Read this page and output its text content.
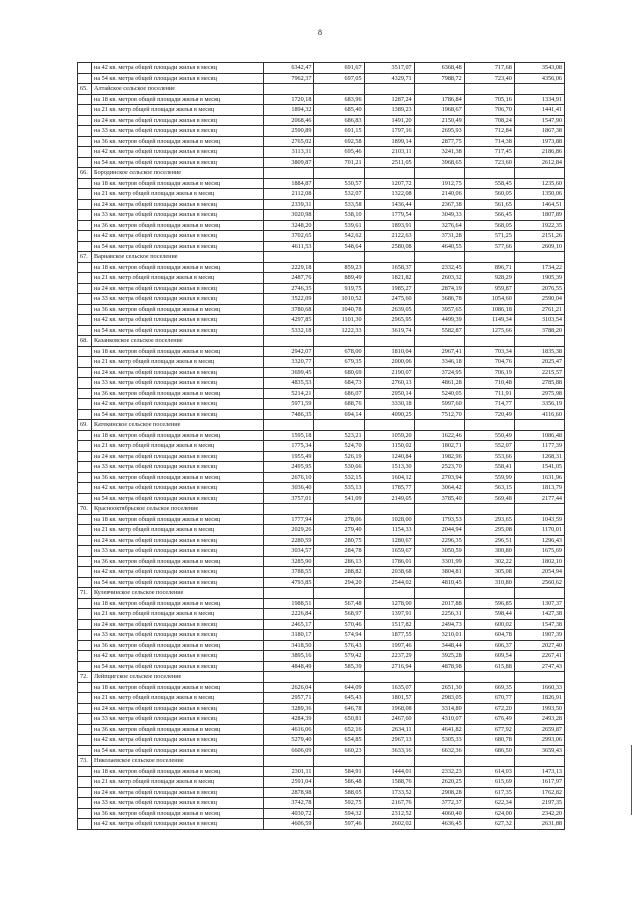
8
	на 42 кв. метра общей площади жилья в месяц	6342,47	691,67	3517,07	6368,48	717,68	3543,08
	на 54 кв. метра общей площади жилья в месяц	7962,37	697,05	4329,71	7988,72	723,40	4356,06
65.	Алтайское сельское поселение						
	на 18 кв. метров общей площади жилья в месяц	1720,18	683,96	1287,24	1786,84	705,16	1334,91
	на 21 кв. метр общей площади жилья в месяц	1894,32	685,40	1389,23	1968,67	706,70	1441,41
	на 24 кв. метра общей площади жилья в месяц	2068,46	686,83	1491,20	2150,49	708,24	1547,90
	на 33 кв. метра общей площади жилья в месяц	2590,89	691,15	1797,16	2695,93	712,84	1867,38
	на 36 кв. метров общей площади жилья в месяц	2765,02	692,58	1899,14	2877,75	714,38	1973,88
	на 42 кв. метра общей площади жилья в месяц	3113,31	695,46	2103,11	3241,38	717,45	2186,86
	на 54 кв. метра общей площади жилья в месяц	3809,87	701,21	2511,05	3968,65	723,60	2612,84
66.	Бородинское сельское поселение						
	на 18 кв. метров общей площади жилья в месяц	1884,87	530,57	1207,72	1912,75	558,45	1235,60
	на 21 кв. метр общей площади жилья в месяц	2112,08	532,07	1322,08	2140,06	560,05	1350,06
	на 24 кв. метра общей площади жилья в месяц	2339,31	533,58	1436,44	2367,38	561,65	1464,51
	на 33 кв. метра общей площади жилья в месяц	3020,98	538,10	1779,54	3049,33	566,45	1807,89
	на 36 кв. метров общей площади жилья в месяц	3248,20	539,61	1893,91	3276,64	568,05	1922,35
	на 42 кв. метра общей площади жилья в месяц	3702,65	542,62	2122,63	3731,28	571,25	2151,26
	на 54 кв. метра общей площади жилья в месяц	4611,53	548,64	2580,08	4640,55	577,66	2609,10
67.	Варнавское сельское поселение						
	на 18 кв. метров общей площади жилья в месяц	2229,18	859,23	1658,37	2332,45	896,71	1734,22
	на 21 кв. метр общей площади жилья в месяц	2487,76	889,49	1821,82	2603,32	928,29	1905,39
	на 24 кв. метра общей площади жилья в месяц	2746,35	919,75	1985,27	2874,19	959,87	2076,55
	на 33 кв. метра общей площади жилья в месяц	3522,09	1010,52	2475,60	3686,78	1054,60	2590,04
	на 36 кв. метров общей площади жилья в месяц	3780,68	1040,78	2639,05	3957,65	1086,18	2761,21
	на 42 кв. метра общей площади жилья в месяц	4297,85	1101,30	2965,95	4499,39	1149,34	3103,54
	на 54 кв. метра общей площади жилья в месяц	5332,18	1222,33	3619,74	5582,87	1275,66	3788,20
68.	Казанковское сельское поселение						
	на 18 кв. метров общей площади жилья в месяц	2942,07	678,00	1810,04	2967,41	703,34	1835,38
	на 21 кв. метр общей площади жилья в месяц	3320,77	679,35	2000,06	3346,18	704,76	2025,47
	на 24 кв. метра общей площади жилья в месяц	3699,45	680,69	2190,07	3724,95	706,19	2215,57
	на 33 кв. метра общей площади жилья в месяц	4835,53	684,73	2760,13	4861,28	710,48	2785,88
	на 36 кв. метров общей площади жилья в месяц	5214,21	686,07	2950,14	5240,05	711,91	2975,98
	на 42 кв. метра общей площади жилья в месяц	5971,59	688,76	3330,18	5997,60	714,77	3356,19
	на 54 кв. метра общей площади жилья в месяц	7486,35	694,14	4090,25	7512,70	720,49	4116,60
69.	Катекинское сельское поселение						
	на 18 кв. метров общей площади жилья в месяц	1595,18	523,21	1059,20	1622,46	550,49	1086,48
	на 21 кв. метр общей площади жилья в месяц	1775,34	524,70	1150,02	1802,71	552,07	1177,39
	на 24 кв. метра общей площади жилья в месяц	1955,49	526,19	1240,84	1982,96	553,66	1268,31
	на 33 кв. метра общей площади жилья в месяц	2495,95	530,66	1513,30	2523,70	558,41	1541,05
	на 36 кв. метров общей площади жилья в месяц	2676,10	532,15	1604,12	2703,94	559,99	1631,96
	на 42 кв. метра общей площади жилья в месяц	3036,40	535,13	1785,77	3064,42	563,15	1813,79
	на 54 кв. метра общей площади жилья в месяц	3757,01	541,09	2149,05	3785,40	569,48	2177,44
70.	Краснооктябрьское сельское поселение						
	на 18 кв. метров общей площади жилья в месяц	1777,94	278,06	1028,00	1793,53	293,65	1043,59
	на 21 кв. метр общей площади жилья в месяц	2029,26	279,40	1154,33	2044,94	295,08	1170,01
	на 24 кв. метра общей площади жилья в месяц	2280,59	280,75	1280,67	2296,35	296,51	1296,43
	на 33 кв. метра общей площади жилья в месяц	3034,57	284,78	1659,67	3050,59	300,80	1675,69
	на 36 кв. метров общей площади жилья в месяц	3285,90	286,13	1786,01	3301,99	302,22	1802,10
	на 42 кв. метра общей площади жилья в месяц	3788,55	288,82	2038,68	3804,81	305,08	2054,94
	на 54 кв. метра общей площади жилья в месяц	4793,85	294,20	2544,02	4810,45	310,80	2560,62
71.	Кулевчинское сельское поселение						
	на 18 кв. метров общей площади жилья в месяц	1988,51	567,48	1278,00	2017,88	596,85	1307,37
	на 21 кв. метр общей площади жилья в месяц	2226,84	568,97	1397,91	2256,31	598,44	1427,38
	на 24 кв. метра общей площади жилья в месяц	2465,17	570,46	1517,82	2494,73	600,02	1547,38
	на 33 кв. метра общей площади жилья в месяц	3180,17	574,94	1877,55	3210,01	604,78	1907,39
	на 36 кв. метров общей площади жилья в месяц	3418,50	576,43	1997,46	3448,44	606,37	2027,40
	на 42 кв. метра общей площади жилья в месяц	3895,16	579,42	2237,29	3925,28	609,54	2267,41
	на 54 кв. метра общей площади жилья в месяц	4848,49	585,39	2716,94	4878,98	615,88	2747,43
72.	Лейпцигское сельское поселение						
	на 18 кв. метров общей площади жилья в месяц	2626,04	644,09	1635,07	2651,30	669,35	1660,33
	на 21 кв. метр общей площади жилья в месяц	2957,71	645,43	1801,57	2983,05	670,77	1826,91
	на 24 кв. метра общей площади жилья в месяц	3289,36	646,78	1968,08	3314,80	672,20	1993,50
	на 33 кв. метра общей площади жилья в месяц	4284,39	650,81	2467,60	4310,07	676,49	2493,28
	на 36 кв. метров общей площади жилья в месяц	4616,06	652,16	2634,11	4641,82	677,92	2659,87
	на 42 кв. метра общей площади жилья в месяц	5279,40	654,85	2967,13	5305,33	680,78	2993,06
	на 54 кв. метра общей площади жилья в месяц	6606,09	660,23	3633,16	6632,36	686,50	3659,43
73.	Николаевское сельское поселение						
	на 18 кв. метров общей площади жилья в месяц	2301,11	584,91	1444,01	2332,23	614,03	1473,13
	на 21 кв. метр общей площади жилья в месяц	2591,04	586,48	1588,76	2620,25	615,69	1617,97
	на 24 кв. метра общей площади жилья в месяц	2878,98	588,05	1733,52	2908,28	617,35	1762,82
	на 33 кв. метра общей площади жилья в месяц	3742,78	592,75	2167,76	3772,37	622,34	2197,35
	на 36 кв. метров общей площади жилья в месяц	4030,72	594,32	2312,52	4060,40	624,00	2342,20
	на 42 кв. метра общей площади жилья в месяц	4606,59	597,46	2602,02	4636,45	627,32	2631,88
